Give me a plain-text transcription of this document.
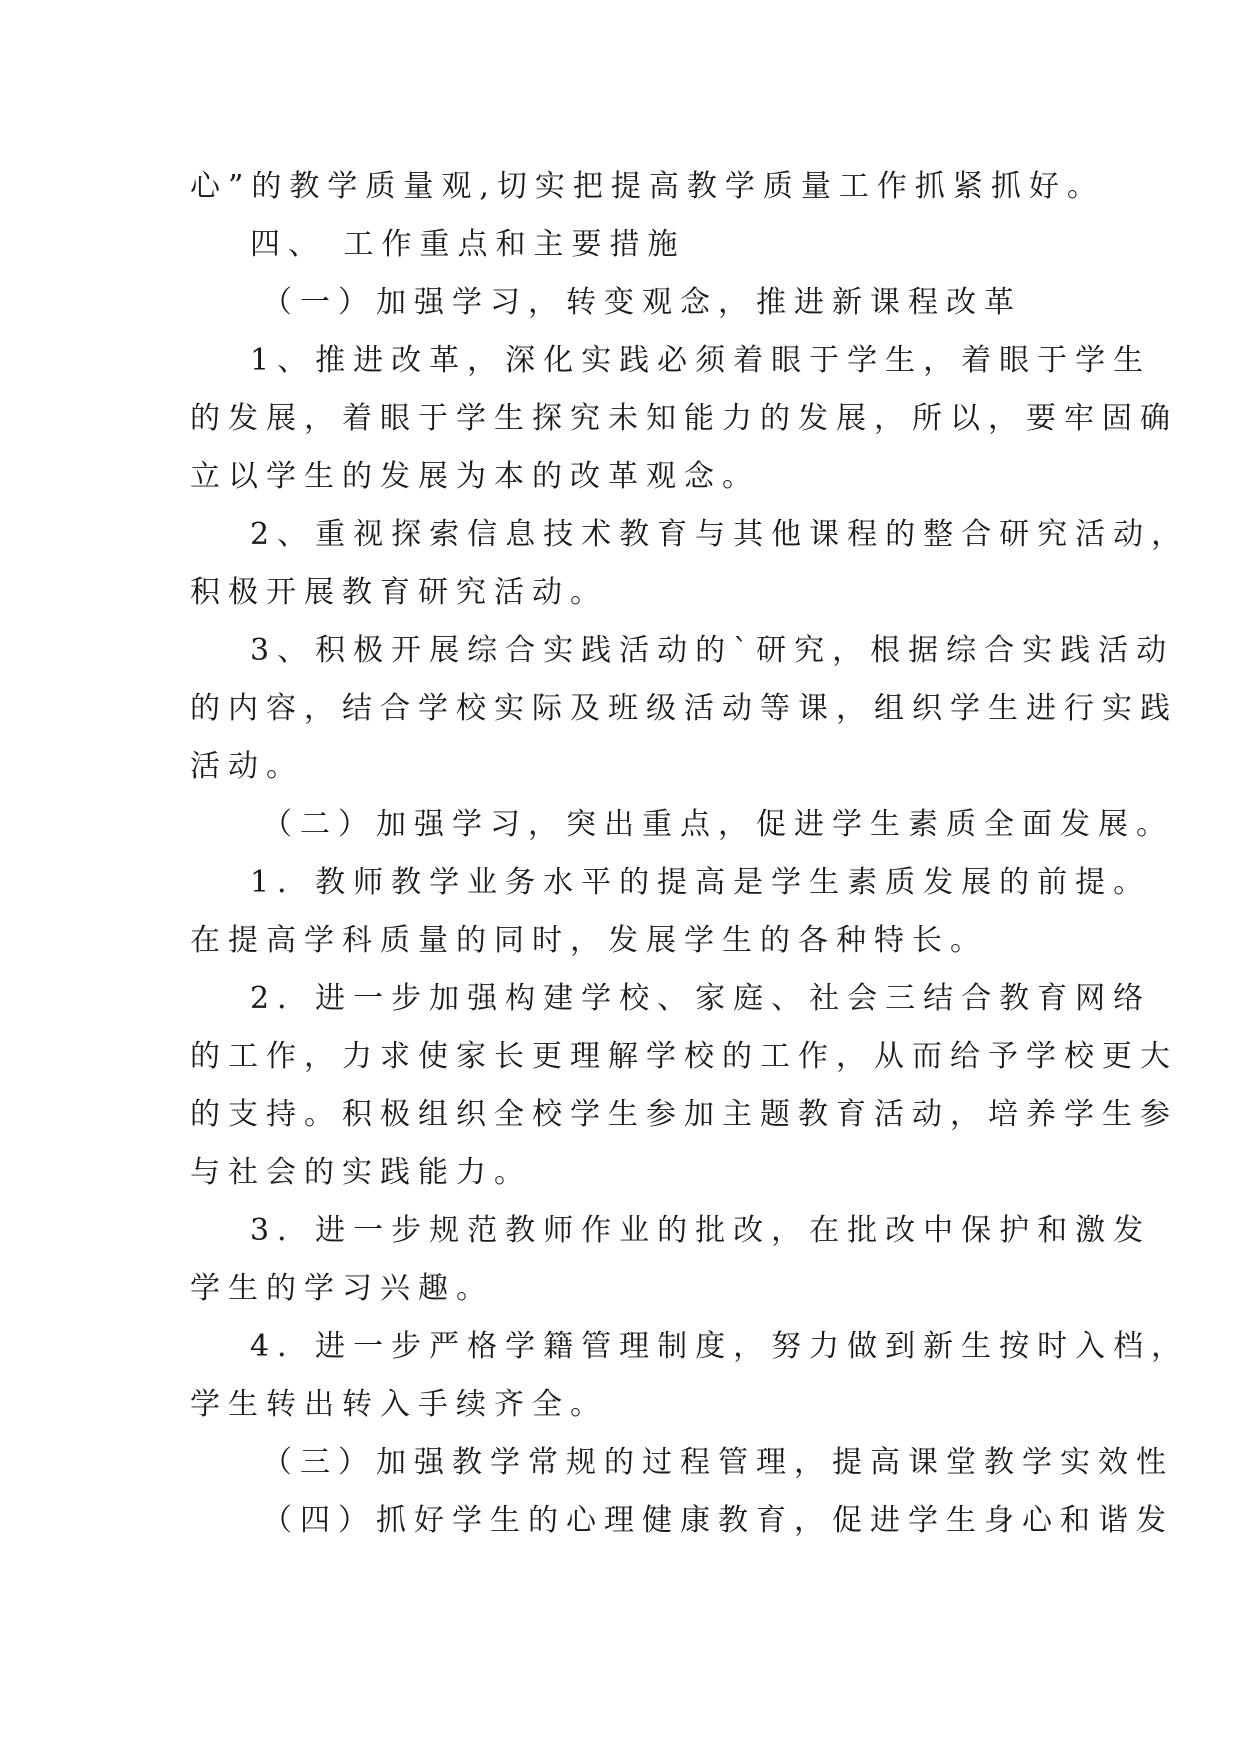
心”的教学质量观,切实把提高教学质量工作抓紧抓好。
四、 工作重点和主要措施
（一）加强学习，转变观念，推进新课程改革
1、推进改革，深化实践必须着眼于学生，着眼于学生
的发展，着眼于学生探究未知能力的发展，所以，要牢固确
立以学生的发展为本的改革观念。
2、重视探索信息技术教育与其他课程的整合研究活动，
积极开展教育研究活动。
3、积极开展综合实践活动的`研究，根据综合实践活动
的内容，结合学校实际及班级活动等课，组织学生进行实践
活动。
（二）加强学习，突出重点，促进学生素质全面发展。
1．教师教学业务水平的提高是学生素质发展的前提。
在提高学科质量的同时，发展学生的各种特长。
2．进一步加强构建学校、家庭、社会三结合教育网络
的工作，力求使家长更理解学校的工作，从而给予学校更大
的支持。积极组织全校学生参加主题教育活动，培养学生参
与社会的实践能力。
3．进一步规范教师作业的批改，在批改中保护和激发
学生的学习兴趣。
4．进一步严格学籍管理制度，努力做到新生按时入档，
学生转出转入手续齐全。
（三）加强教学常规的过程管理，提高课堂教学实效性
（四）抓好学生的心理健康教育，促进学生身心和谐发
